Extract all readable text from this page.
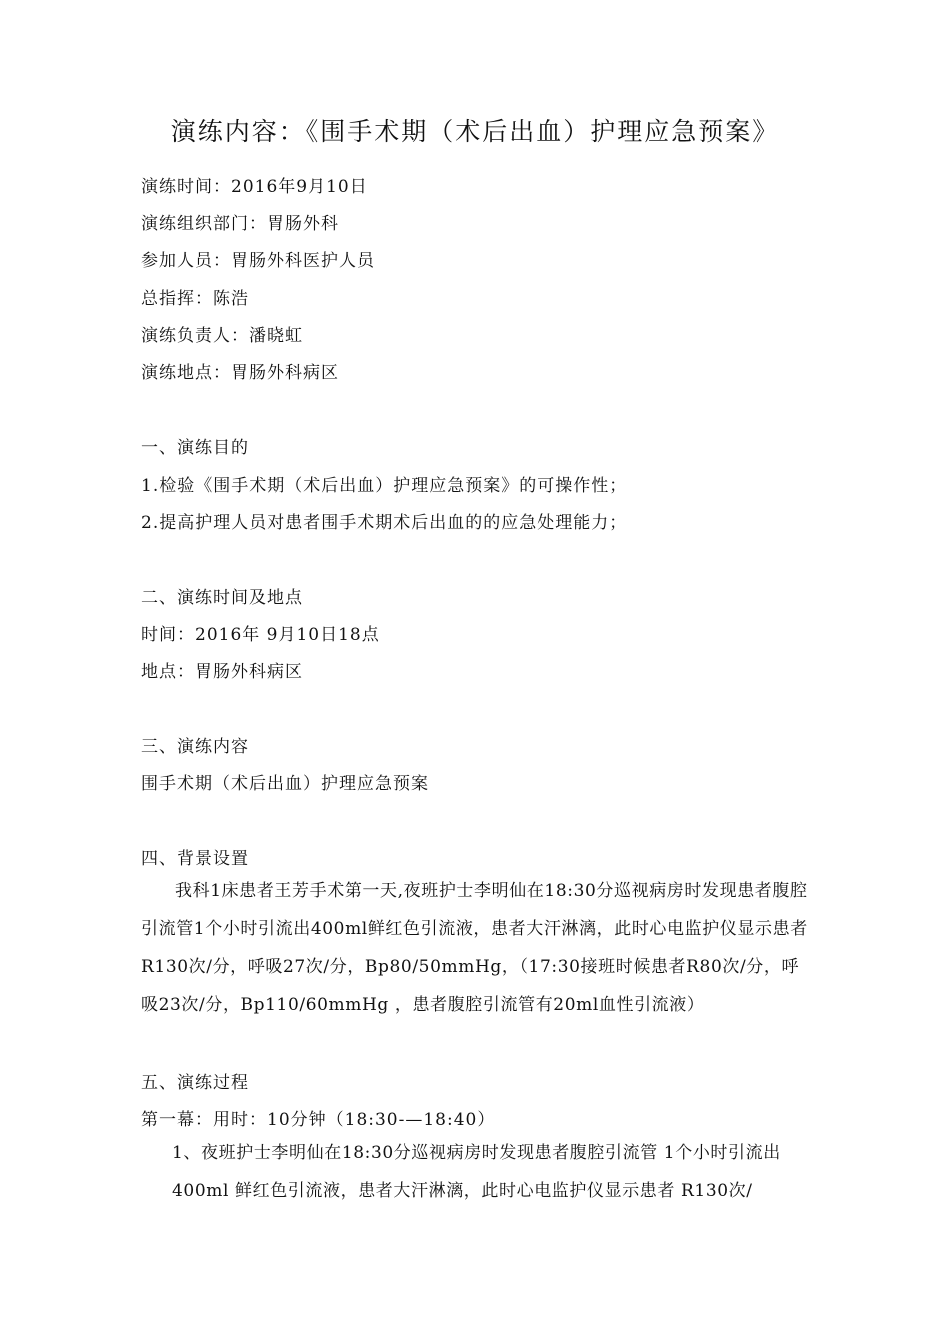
演练内容：《围手术期（术后出血）护理应急预案》
演练时间：2016年9月10日
演练组织部门：胃肠外科
参加人员：胃肠外科医护人员
总指挥：陈浩
演练负责人：潘晓虹
演练地点：胃肠外科病区
一、演练目的
1.检验《围手术期（术后出血）护理应急预案》的可操作性；
2.提高护理人员对患者围手术期术后出血的的应急处理能力；
二、演练时间及地点
时间：2016年 9月10日18点
地点：胃肠外科病区
三、演练内容
围手术期（术后出血）护理应急预案
四、背景设置
我科1床患者王芳手术第一天,夜班护士李明仙在18:30分巡视病房时发现患者腹腔引流管1个小时引流出400ml鲜红色引流液，患者大汗淋漓，此时心电监护仪显示患者R130次/分，呼吸27次/分，Bp80/50mmHg，（17:30接班时候患者R80次/分，呼吸23次/分，Bp110/60mmHg ，患者腹腔引流管有20ml血性引流液）
五、演练过程
第一幕：用时：10分钟（18:30-—18:40）
1、夜班护士李明仙在18:30分巡视病房时发现患者腹腔引流管 1个小时引流出400ml 鲜红色引流液，患者大汗淋漓，此时心电监护仪显示患者 R130次/
